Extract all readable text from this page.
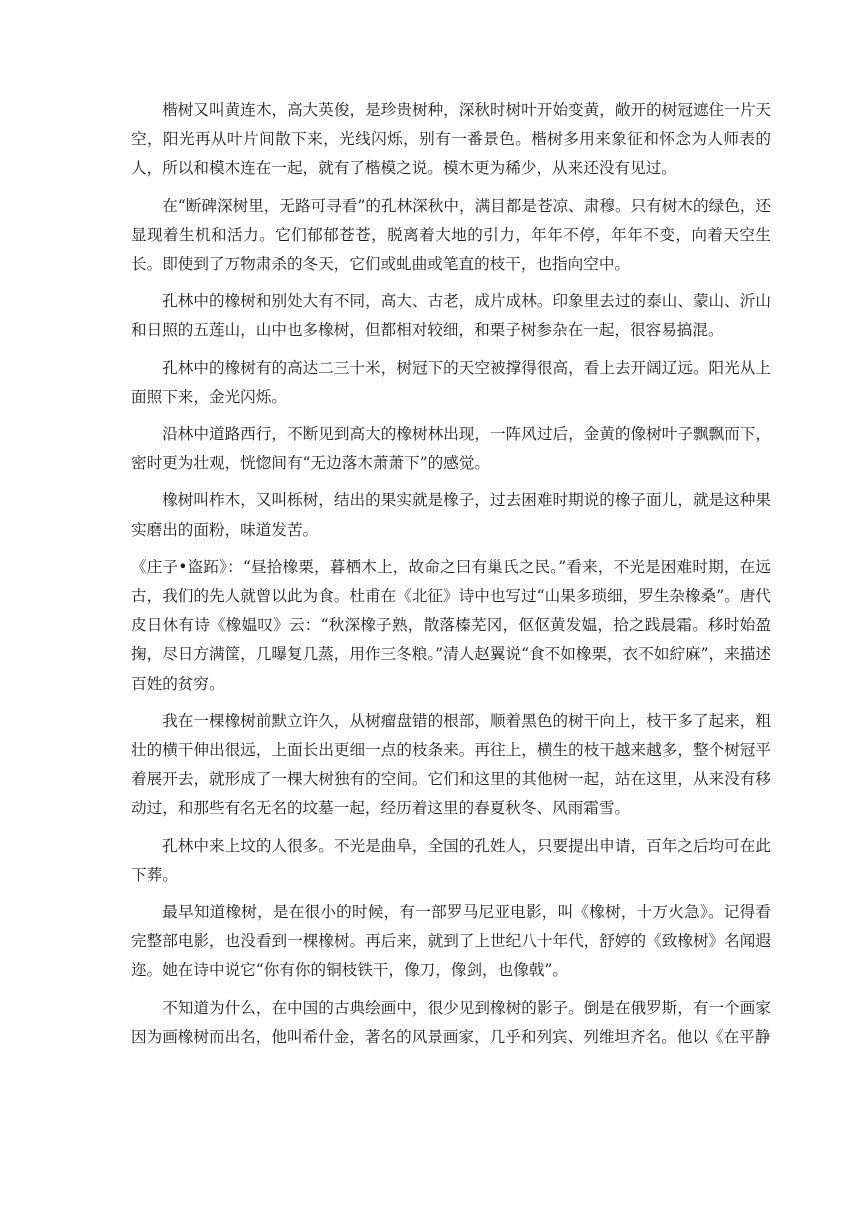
楷树又叫黄连木，高大英俊，是珍贵树种，深秋时树叶开始变黄，敞开的树冠遮住一片天空，阳光再从叶片间散下来，光线闪烁，别有一番景色。楷树多用来象征和怀念为人师表的人，所以和模木连在一起，就有了楷模之说。模木更为稀少，从来还没有见过。

在“断碑深树里，无路可寻看”的孔林深秋中，满目都是苍凉、肃穆。只有树木的绿色，还显现着生机和活力。它们郁郁苍苍，脱离着大地的引力，年年不停，年年不变，向着天空生长。即使到了万物肃杀的冬天，它们或虬曲或笔直的枝干，也指向空中。

孔林中的橡树和别处大有不同，高大、古老，成片成林。印象里去过的泰山、蒙山、沂山和日照的五莲山，山中也多橡树，但都相对较细，和栗子树参杂在一起，很容易搞混。

孔林中的橡树有的高达二三十米，树冠下的天空被撑得很高，看上去开阔辽远。阳光从上面照下来，金光闪烁。

沿林中道路西行，不断见到高大的橡树林出现，一阵风过后，金黄的像树叶子飘飘而下，密时更为壮观，恍惚间有“无边落木萧萧下”的感觉。

橡树叫柞木，又叫栎树，结出的果实就是橡子，过去困难时期说的橡子面儿，就是这种果实磨出的面粉，味道发苦。

《庄子•盗跖》：“昼拾橡栗，暮栖木上，故命之曰有巢氏之民。”看来，不光是困难时期，在远古，我们的先人就曾以此为食。杜甫在《北征》诗中也写过“山果多琐细，罗生杂橡桑”。唐代皮日休有诗《橡媪叹》云：“秋深橡子熟，散落榛芜冈，伛伛黄发媪，拾之践晨霜。移时始盈掬，尽日方满筐，几曝复几蒸，用作三冬粮。”清人赵翼说“食不如橡栗，衣不如紵麻”，来描述百姓的贫穷。

我在一棵橡树前默立许久，从树瘤盘错的根部，顺着黑色的树干向上，枝干多了起来，粗壮的横干伸出很远，上面长出更细一点的枝条来。再往上，横生的枝干越来越多，整个树冠平着展开去，就形成了一棵大树独有的空间。它们和这里的其他树一起，站在这里，从来没有移动过，和那些有名无名的坟墓一起，经历着这里的春夏秋冬、风雨霜雪。

孔林中来上坟的人很多。不光是曲阜，全国的孔姓人，只要提出申请，百年之后均可在此下葬。

最早知道橡树，是在很小的时候，有一部罗马尼亚电影，叫《橡树，十万火急》。记得看完整部电影，也没看到一棵橡树。再后来，就到了上世纪八十年代，舒婷的《致橡树》名闻遐迩。她在诗中说它“你有你的铜枝铁干，像刀，像剑，也像戟”。

不知道为什么，在中国的古典绘画中，很少见到橡树的影子。倒是在俄罗斯，有一个画家因为画橡树而出名，他叫希什金，著名的风景画家，几乎和列宾、列维坦齐名。他以《在平静
